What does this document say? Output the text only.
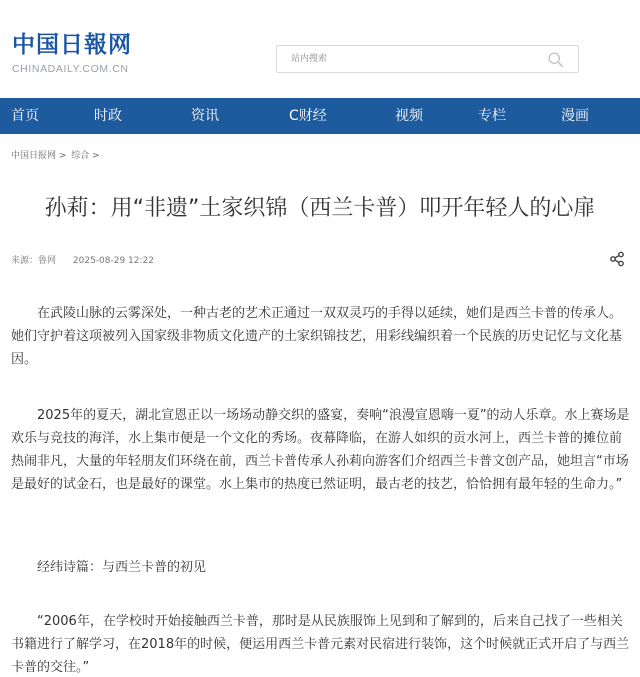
中国日報网
CHINADAILY.COM.CN
站内搜索
首页	时政	资讯	C财经	视频	专栏	漫画
中国日报网 > 综合 >
孙莉：用“非遗”土家织锦（西兰卡普）叩开年轻人的心扉
来源：鲁网 2025-08-29 12:22

在武陵山脉的云雾深处，一种古老的艺术正通过一双双灵巧的手得以延续，她们是西兰卡普的传承人。她们守护着这项被列入国家级非物质文化遗产的土家织锦技艺，用彩线编织着一个民族的历史记忆与文化基因。

2025年的夏天，湖北宣恩正以一场场动静交织的盛宴，奏响“浪漫宣恩嗨一夏”的动人乐章。水上赛场是欢乐与竞技的海洋，水上集市便是一个文化的秀场。夜幕降临，在游人如织的贡水河上，西兰卡普的摊位前热闹非凡，大量的年轻朋友们环绕在前，西兰卡普传承人孙莉向游客们介绍西兰卡普文创产品，她坦言“市场是最好的试金石，也是最好的课堂。水上集市的热度已然证明，最古老的技艺，恰恰拥有最年轻的生命力。”

经纬诗篇：与西兰卡普的初见

“2006年，在学校时开始接触西兰卡普，那时是从民族服饰上见到和了解到的，后来自己找了一些相关书籍进行了解学习，在2018年的时候，便运用西兰卡普元素对民宿进行装饰，这个时候就正式开启了与西兰卡普的交往。”
